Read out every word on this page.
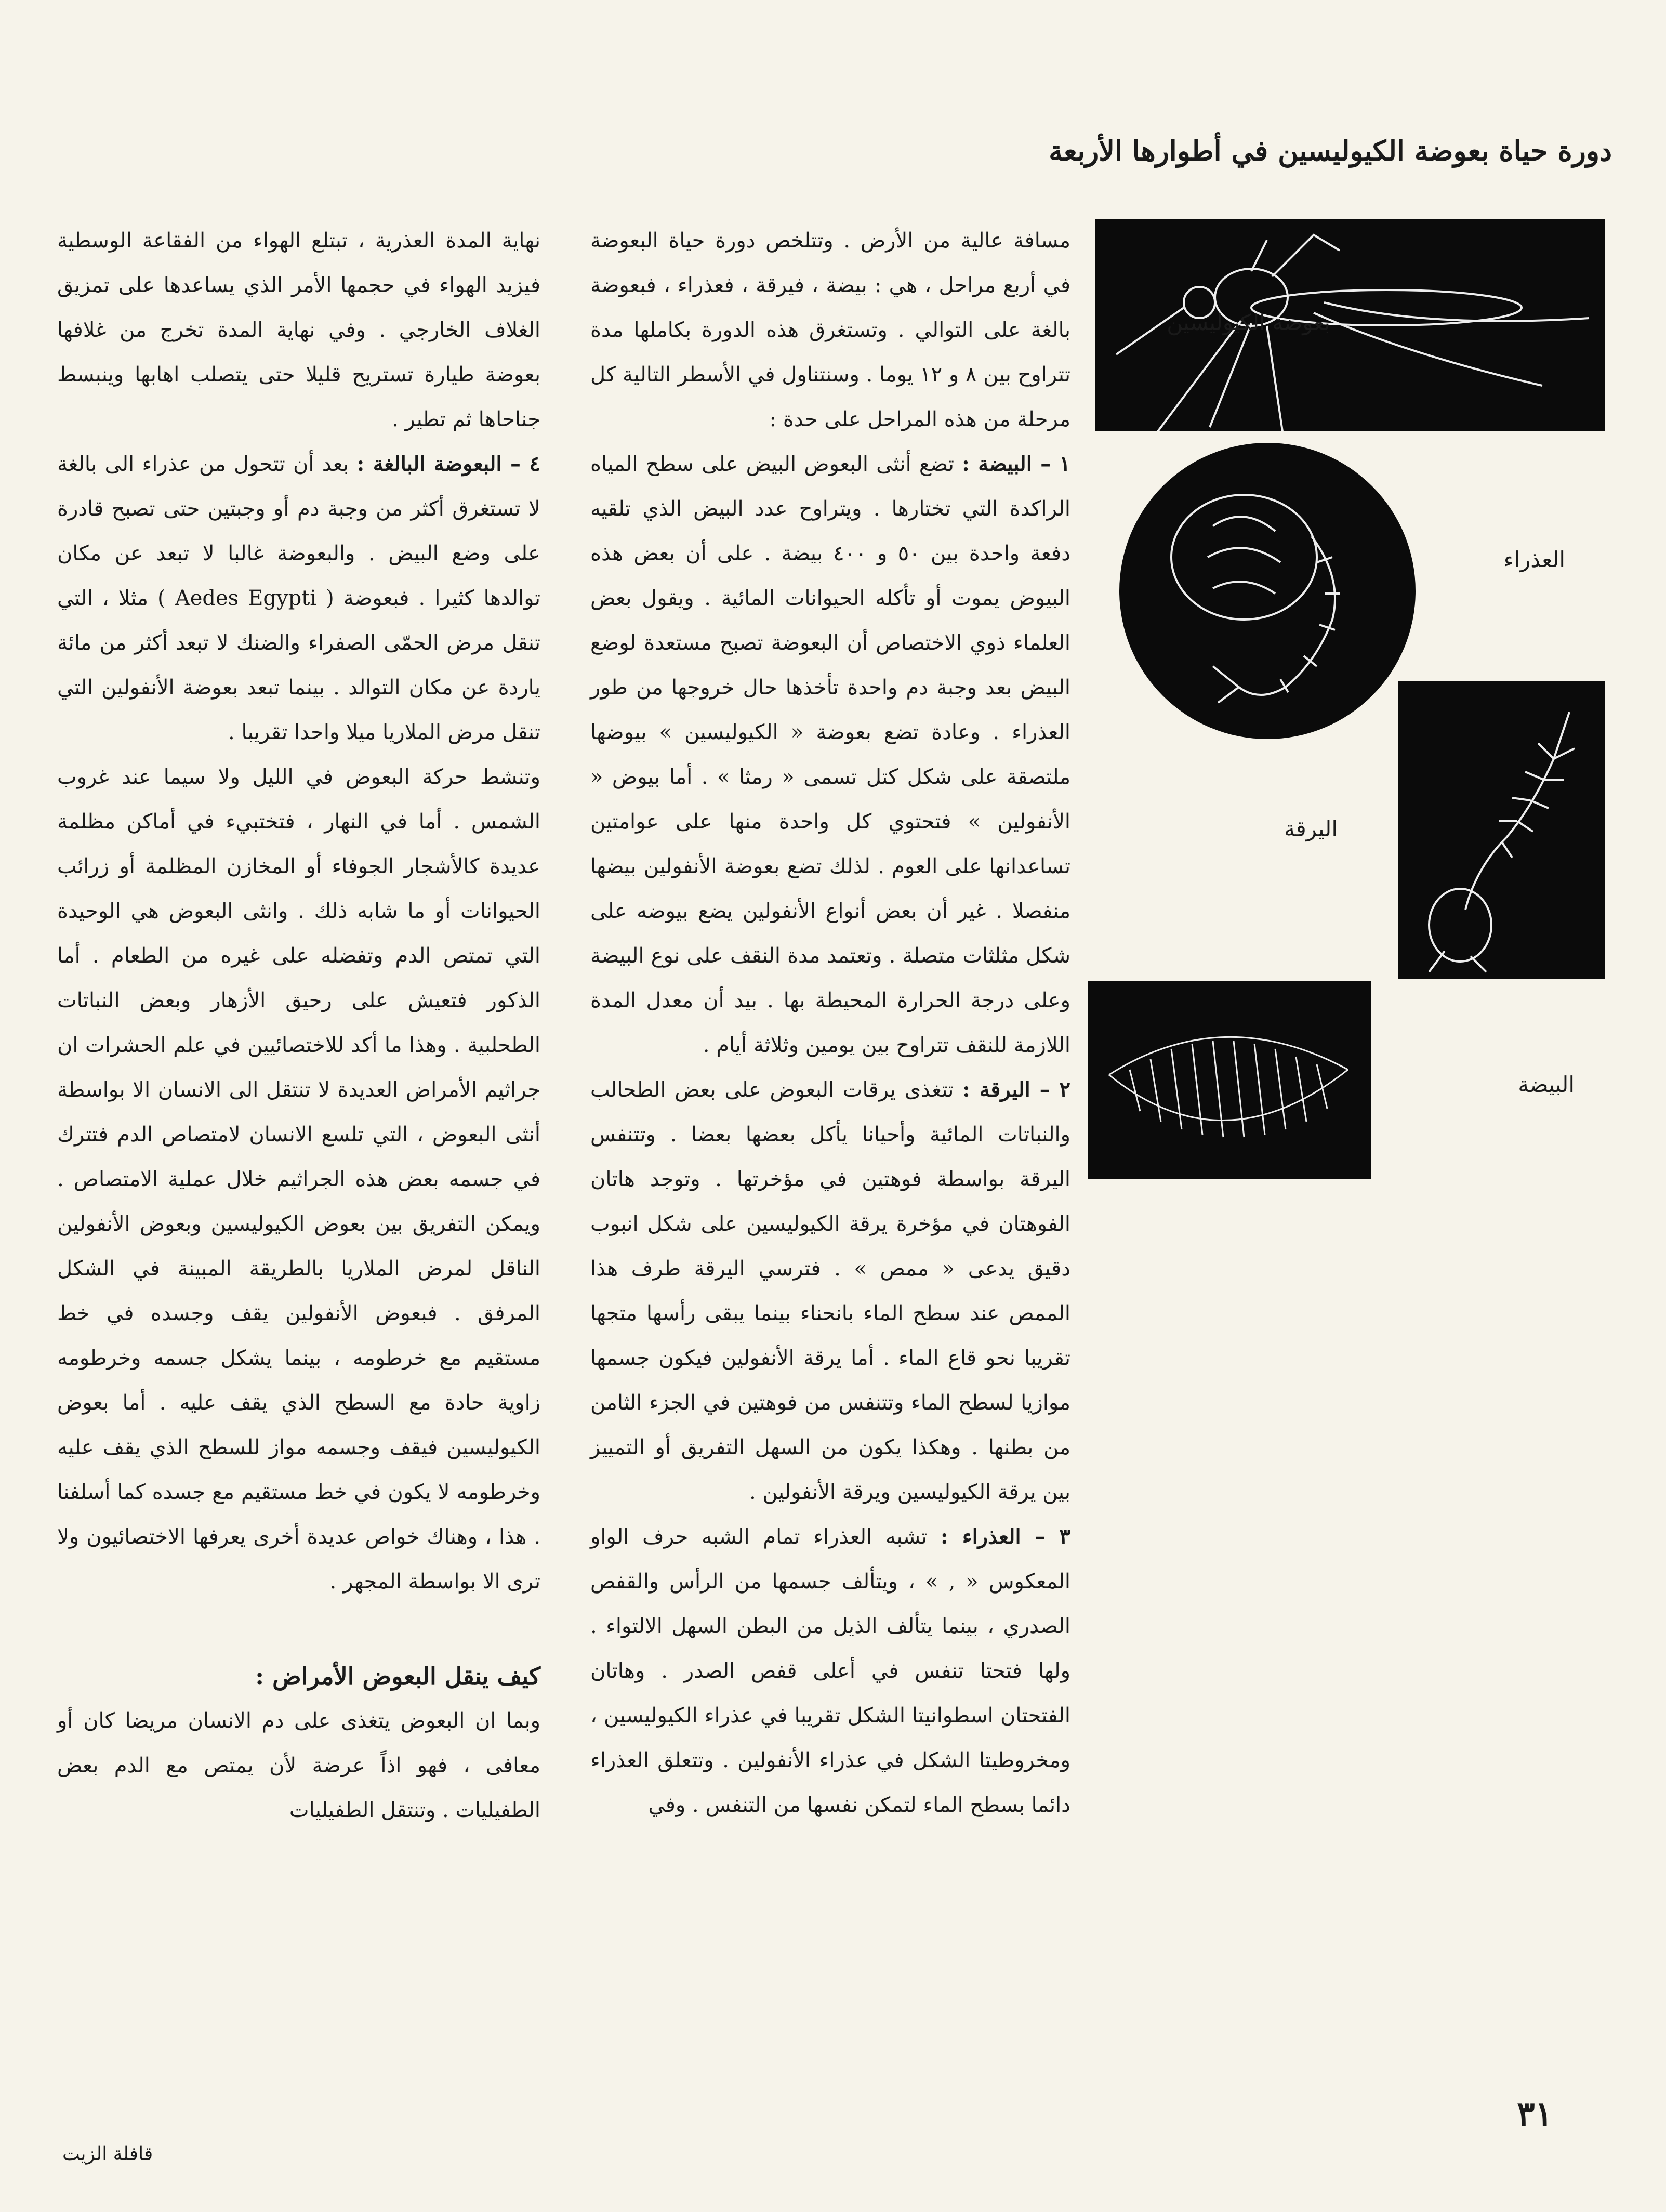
دورة حياة بعوضة الكيوليسين في أطوارها الأربعة
بعوضة الكيوليسين
العذراء
اليرقة
البيضة

مسافة عالية من الأرض . وتتلخص دورة حياة البعوضة في أربع مراحل ، هي : بيضة ، فيرقة ، فعذراء ، فبعوضة بالغة على التوالي . وتستغرق هذه الدورة بكاملها مدة تتراوح بين ٨ و ١٢ يوما . وسنتناول في الأسطر التالية كل مرحلة من هذه المراحل على حدة :

١ – البيضة : تضع أنثى البعوض البيض على سطح المياه الراكدة التي تختارها . ويتراوح عدد البيض الذي تلقيه دفعة واحدة بين ٥٠ و ٤٠٠ بيضة . على أن بعض هذه البيوض يموت أو تأكله الحيوانات المائية . ويقول بعض العلماء ذوي الاختصاص أن البعوضة تصبح مستعدة لوضع البيض بعد وجبة دم واحدة تأخذها حال خروجها من طور العذراء . وعادة تضع بعوضة « الكيوليسين » بيوضها ملتصقة على شكل كتل تسمى « رمثا » . أما بيوض « الأنفولين » فتحتوي كل واحدة منها على عوامتين تساعدانها على العوم . لذلك تضع بعوضة الأنفولين بيضها منفصلا . غير أن بعض أنواع الأنفولين يضع بيوضه على شكل مثلثات متصلة . وتعتمد مدة النقف على نوع البيضة وعلى درجة الحرارة المحيطة بها . بيد أن معدل المدة اللازمة للنقف تتراوح بين يومين وثلاثة أيام .

٢ – اليرقة : تتغذى يرقات البعوض على بعض الطحالب والنباتات المائية وأحيانا يأكل بعضها بعضا . وتتنفس اليرقة بواسطة فوهتين في مؤخرتها . وتوجد هاتان الفوهتان في مؤخرة يرقة الكيوليسين على شكل انبوب دقيق يدعى « ممص » . فترسي اليرقة طرف هذا الممص عند سطح الماء بانحناء بينما يبقى رأسها متجها تقريبا نحو قاع الماء . أما يرقة الأنفولين فيكون جسمها موازيا لسطح الماء وتتنفس من فوهتين في الجزء الثامن من بطنها . وهكذا يكون من السهل التفريق أو التمييز بين يرقة الكيوليسين ويرقة الأنفولين .

٣ – العذراء : تشبه العذراء تمام الشبه حرف الواو المعكوس « ‚ » ، ويتألف جسمها من الرأس والقفص الصدري ، بينما يتألف الذيل من البطن السهل الالتواء . ولها فتحتا تنفس في أعلى قفص الصدر . وهاتان الفتحتان اسطوانيتا الشكل تقريبا في عذراء الكيوليسين ، ومخروطيتا الشكل في عذراء الأنفولين . وتتعلق العذراء دائما بسطح الماء لتمكن نفسها من التنفس . وفي

نهاية المدة العذرية ، تبتلع الهواء من الفقاعة الوسطية فيزيد الهواء في حجمها الأمر الذي يساعدها على تمزيق الغلاف الخارجي . وفي نهاية المدة تخرج من غلافها بعوضة طيارة تستريح قليلا حتى يتصلب اهابها وينبسط جناحاها ثم تطير .

٤ – البعوضة البالغة : بعد أن تتحول من عذراء الى بالغة لا تستغرق أكثر من وجبة دم أو وجبتين حتى تصبح قادرة على وضع البيض . والبعوضة غالبا لا تبعد عن مكان توالدها كثيرا . فبعوضة ( Aedes Egypti ) مثلا ، التي تنقل مرض الحمّى الصفراء والضنك لا تبعد أكثر من مائة ياردة عن مكان التوالد . بينما تبعد بعوضة الأنفولين التي تنقل مرض الملاريا ميلا واحدا تقريبا .

وتنشط حركة البعوض في الليل ولا سيما عند غروب الشمس . أما في النهار ، فتختبيء في أماكن مظلمة عديدة كالأشجار الجوفاء أو المخازن المظلمة أو زرائب الحيوانات أو ما شابه ذلك . وانثى البعوض هي الوحيدة التي تمتص الدم وتفضله على غيره من الطعام . أما الذكور فتعيش على رحيق الأزهار وبعض النباتات الطحلبية . وهذا ما أكد للاختصائيين في علم الحشرات ان جراثيم الأمراض العديدة لا تنتقل الى الانسان الا بواسطة أنثى البعوض ، التي تلسع الانسان لامتصاص الدم فتترك في جسمه بعض هذه الجراثيم خلال عملية الامتصاص . ويمكن التفريق بين بعوض الكيوليسين وبعوض الأنفولين الناقل لمرض الملاريا بالطريقة المبينة في الشكل المرفق . فبعوض الأنفولين يقف وجسده في خط مستقيم مع خرطومه ، بينما يشكل جسمه وخرطومه زاوية حادة مع السطح الذي يقف عليه . أما بعوض الكيوليسين فيقف وجسمه مواز للسطح الذي يقف عليه وخرطومه لا يكون في خط مستقيم مع جسده كما أسلفنا . هذا ، وهناك خواص عديدة أخرى يعرفها الاختصائيون ولا ترى الا بواسطة المجهر .

كيف ينقل البعوض الأمراض :

وبما ان البعوض يتغذى على دم الانسان مريضا كان أو معافى ، فهو اذاً عرضة لأن يمتص مع الدم بعض الطفيليات . وتنتقل الطفيليات

٣١
قافلة الزيت
